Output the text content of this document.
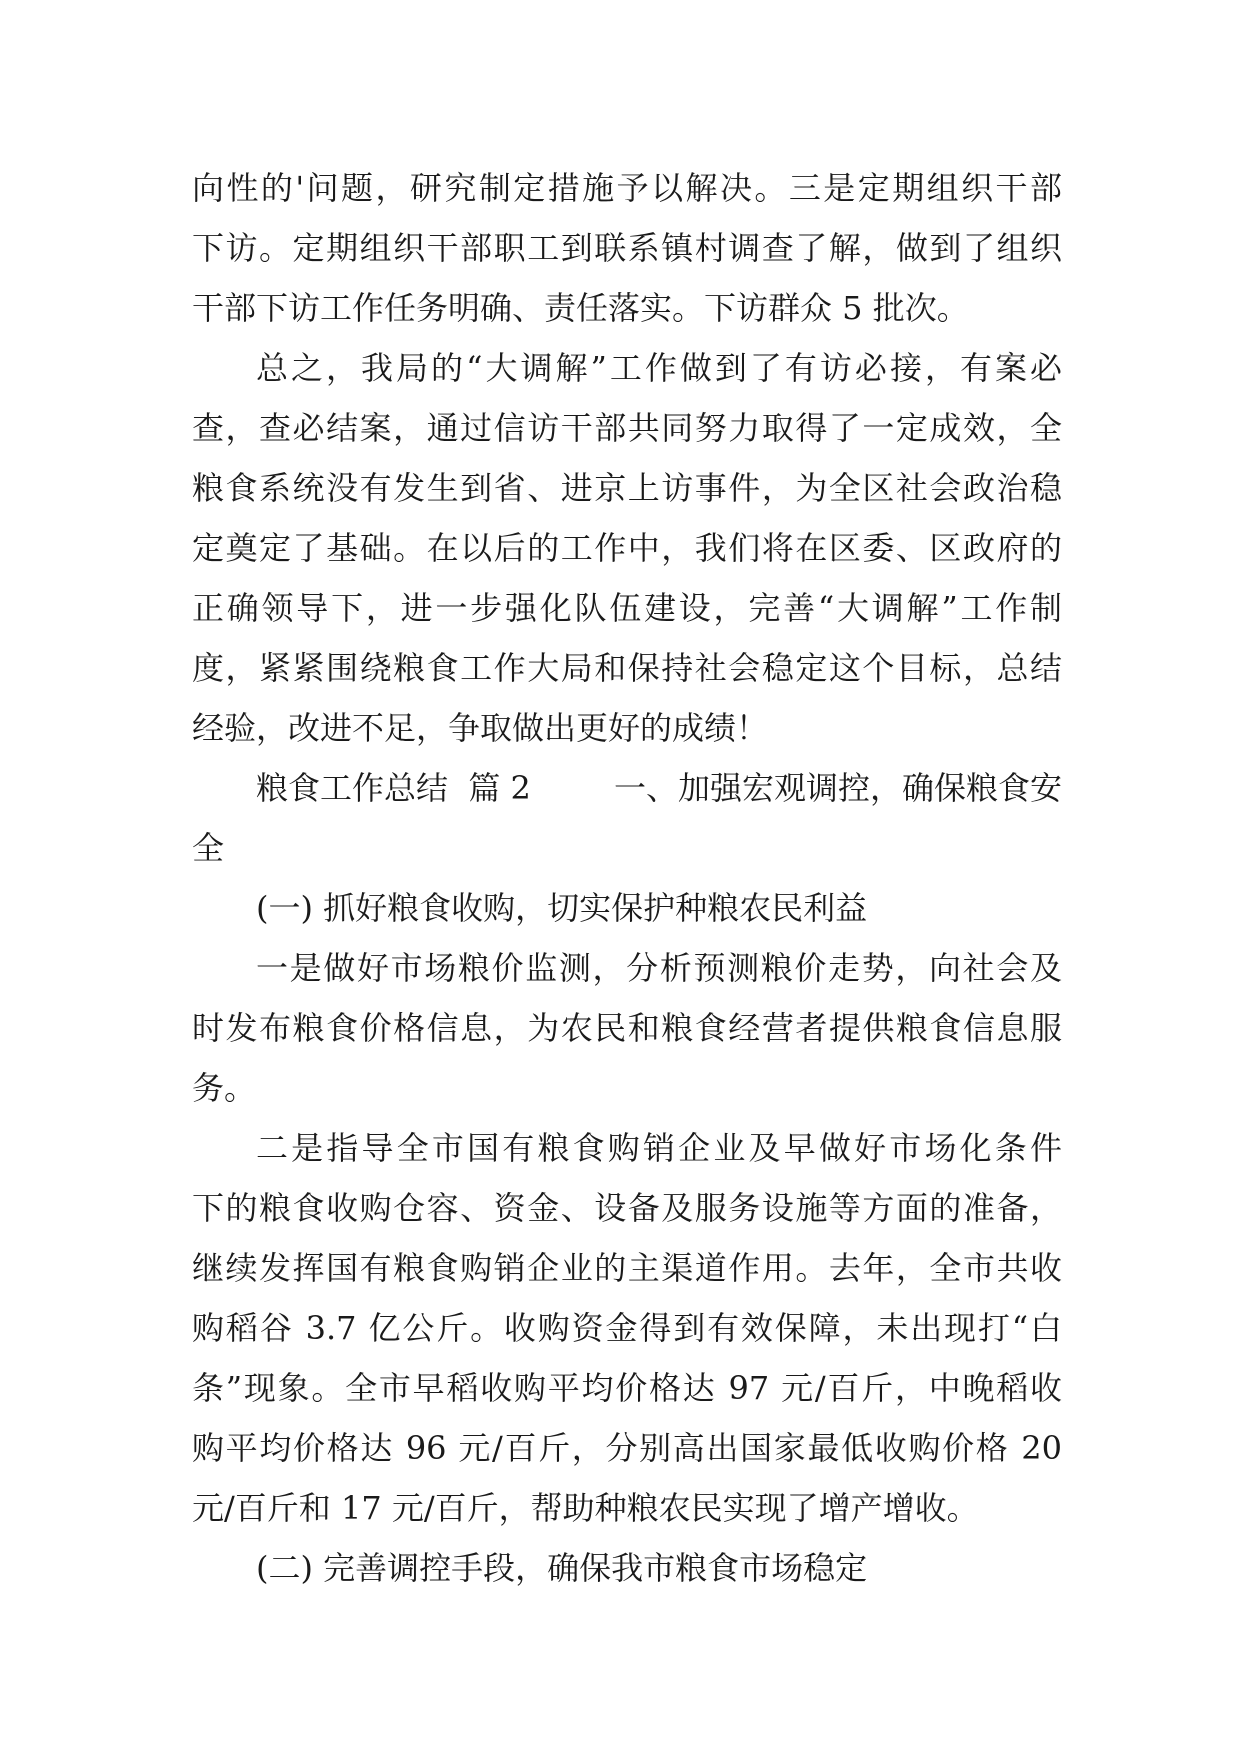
向性的'问题，研究制定措施予以解决。三是定期组织干部
下访。定期组织干部职工到联系镇村调查了解，做到了组织
干部下访工作任务明确、责任落实。下访群众 5 批次。
总之，我局的“大调解”工作做到了有访必接，有案必
查，查必结案，通过信访干部共同努力取得了一定成效，全
粮食系统没有发生到省、进京上访事件，为全区社会政治稳
定奠定了基础。在以后的工作中，我们将在区委、区政府的
正确领导下，进一步强化队伍建设，完善“大调解”工作制
度，紧紧围绕粮食工作大局和保持社会稳定这个目标，总结
经验，改进不足，争取做出更好的成绩！
粮食工作总结  篇 2	一、加强宏观调控，确保粮食安
全
(一) 抓好粮食收购，切实保护种粮农民利益
一是做好市场粮价监测，分析预测粮价走势，向社会及
时发布粮食价格信息，为农民和粮食经营者提供粮食信息服
务。
二是指导全市国有粮食购销企业及早做好市场化条件
下的粮食收购仓容、资金、设备及服务设施等方面的准备，
继续发挥国有粮食购销企业的主渠道作用。去年，全市共收
购稻谷 3.7 亿公斤。收购资金得到有效保障，未出现打“白
条”现象。全市早稻收购平均价格达 97 元/百斤，中晚稻收
购平均价格达 96 元/百斤，分别高出国家最低收购价格 20
元/百斤和 17 元/百斤，帮助种粮农民实现了增产增收。
(二) 完善调控手段，确保我市粮食市场稳定
